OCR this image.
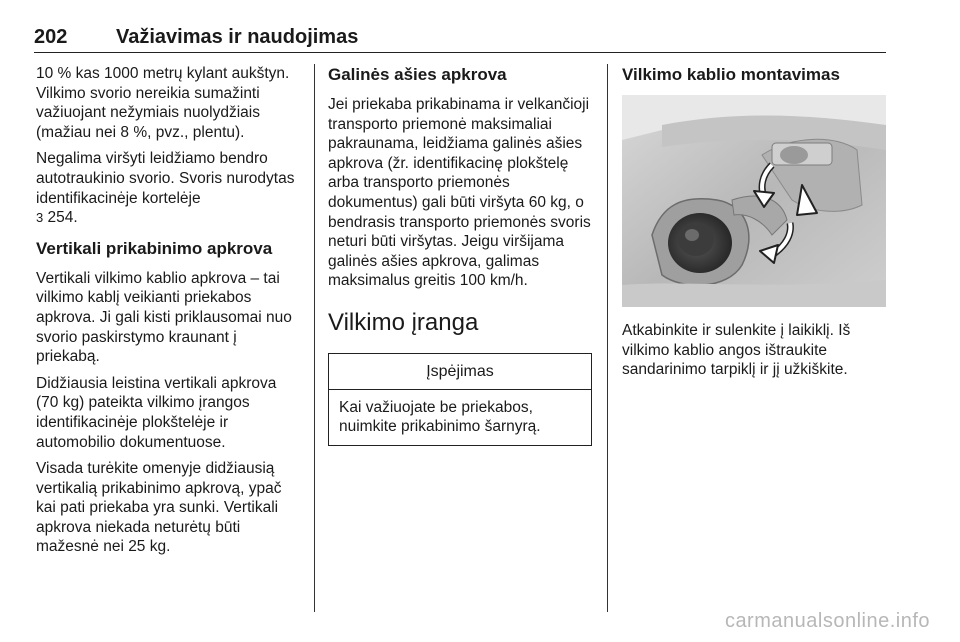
202 Važiavimas ir naudojimas

10 % kas 1000 metrų kylant aukštyn. Vilkimo svorio nereikia sumažinti važiuojant nežymiais nuolydžiais (mažiau nei 8 %, pvz., plentu).

Negalima viršyti leidžiamo bendro autotraukinio svorio. Svoris nurodytas identifikacinėje kortelėje
3 254.

Vertikali prikabinimo apkrova

Vertikali vilkimo kablio apkrova – tai vilkimo kablį veikianti priekabos apkrova. Ji gali kisti priklausomai nuo svorio paskirstymo kraunant į priekabą.

Didžiausia leistina vertikali apkrova (70 kg) pateikta vilkimo įrangos identifikacinėje plokštelėje ir automobilio dokumentuose.

Visada turėkite omenyje didžiausią vertikalią prikabinimo apkrovą, ypač kai pati priekaba yra sunki. Vertikali apkrova niekada neturėtų būti mažesnė nei 25 kg.

Galinės ašies apkrova

Jei priekaba prikabinama ir velkančioji transporto priemonė maksimaliai pakraunama, leidžiama galinės ašies apkrova (žr. identifikacinę plokštelę arba transporto priemonės dokumentus) gali būti viršyta 60 kg, o bendrasis transporto priemonės svoris neturi būti viršytas. Jeigu viršijama galinės ašies apkrova, galimas maksimalus greitis 100 km/h.

Vilkimo įranga
Įspėjimas
Kai važiuojate be priekabos, nuimkite prikabinimo šarnyrą.
Vilkimo kablio montavimas

Atkabinkite ir sulenkite į laikiklį. Iš vilkimo kablio angos ištraukite sandarinimo tarpiklį ir jį užkiškite.

carmanualsonline.info
